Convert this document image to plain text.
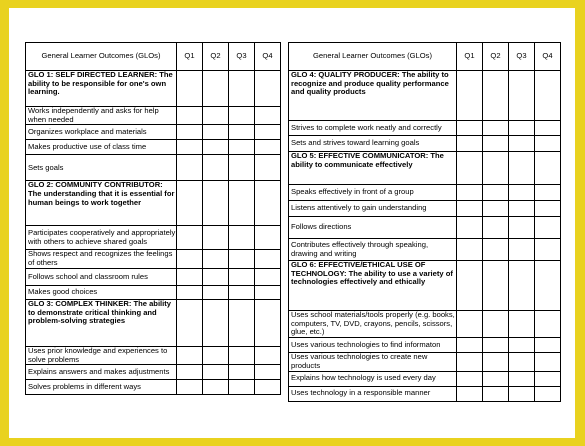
General Learner Outcomes (GLOs)	Q1	Q2	Q3	Q4
GLO 1: SELF DIRECTED LEARNER: The ability to be responsible for one's own learning.				
Works independently and asks for help when needed				
Organizes workplace and materials				
Makes productive use of class time				
Sets goals				
GLO 2: COMMUNITY CONTRIBUTOR: The understanding that it is essential for human beings to work together				
Participates cooperatively and appropriately with others to achieve shared goals				
Shows respect and recognizes the feelings of others				
Follows school and classroom rules				
Makes good choices				
GLO 3: COMPLEX THINKER: The ability to demonstrate critical thinking and problem-solving strategies				
Uses prior knowledge and experiences to solve problems				
Explains answers and makes adjustments				
Solves problems in different ways				
General Learner Outcomes (GLOs)	Q1	Q2	Q3	Q4
GLO 4: QUALITY PRODUCER: The ability to recognize and produce quality performance and quality products				
Strives to complete work neatly and correctly				
Sets and strives toward learning goals				
GLO 5: EFFECTIVE COMMUNICATOR: The ability to communicate effectively				
Speaks effectively in front of a group				
Listens attentively to gain understanding				
Follows directions				
Contributes effectively through speaking, drawing and writing				
GLO 6: EFFECTIVE/ETHICAL USE OF TECHNOLOGY: The ability to use a variety of technologies effectively and ethically				
Uses school materials/tools properly (e.g. books, computers, TV, DVD, crayons, pencils, scissors, glue, etc.)				
Uses various technologies to find informaton				
Uses various technologies to create new products				
Explains how technology is used every day				
Uses technology in a responsible manner				
